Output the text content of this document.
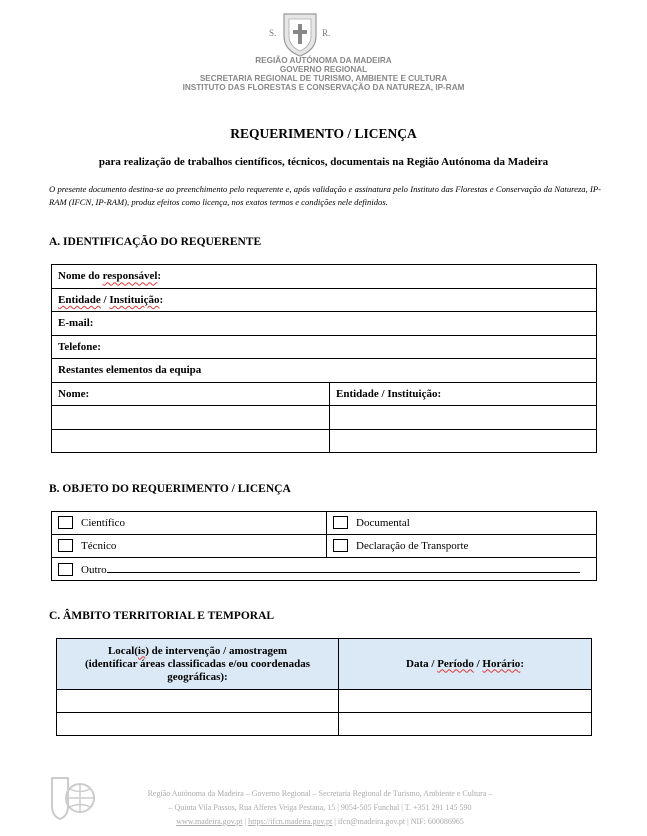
S.	R.
REGIÃO AUTÓNOMA DA MADEIRA
GOVERNO REGIONAL
SECRETARIA REGIONAL DE TURISMO, AMBIENTE E CULTURA
INSTITUTO DAS FLORESTAS E CONSERVAÇÃO DA NATUREZA, IP-RAM
REQUERIMENTO / LICENÇA
para realização de trabalhos científicos, técnicos, documentais na Região Autónoma da Madeira
O presente documento destina-se ao preenchimento pelo requerente e, após validação e assinatura pelo Instituto das Florestas e Conservação da Natureza, IP-RAM (IFCN, IP-RAM), produz efeitos como licença, nos exatos termos e condições nele definidos.
A. IDENTIFICAÇÃO DO REQUERENTE
Nome do responsável:	
Entidade / Instituição:	
E-mail:	
Telefone:	
Restantes elementos da equipa	
Nome:	Entidade / Instituição:

B. OBJETO DO REQUERIMENTO / LICENÇA
Científico	Documental
Técnico	Declaração de Transporte
Outro	
C. ÂMBITO TERRITORIAL E TEMPORAL
Local(is) de intervenção / amostragem
(identificar áreas classificadas e/ou coordenadas geográficas):	Data / Período / Horário:

Região Autónoma da Madeira – Governo Regional – Secretaria Regional de Turismo, Ambiente e Cultura –
– Quinta Vila Passos, Rua Alferes Veiga Pestana, 15 | 9054-505 Funchal | T. +351 291 145 590
www.madeira.gov.pt | https://ifcn.madeira.gov.pt | ifcn@madeira.gov.pt | NIF: 600086965
